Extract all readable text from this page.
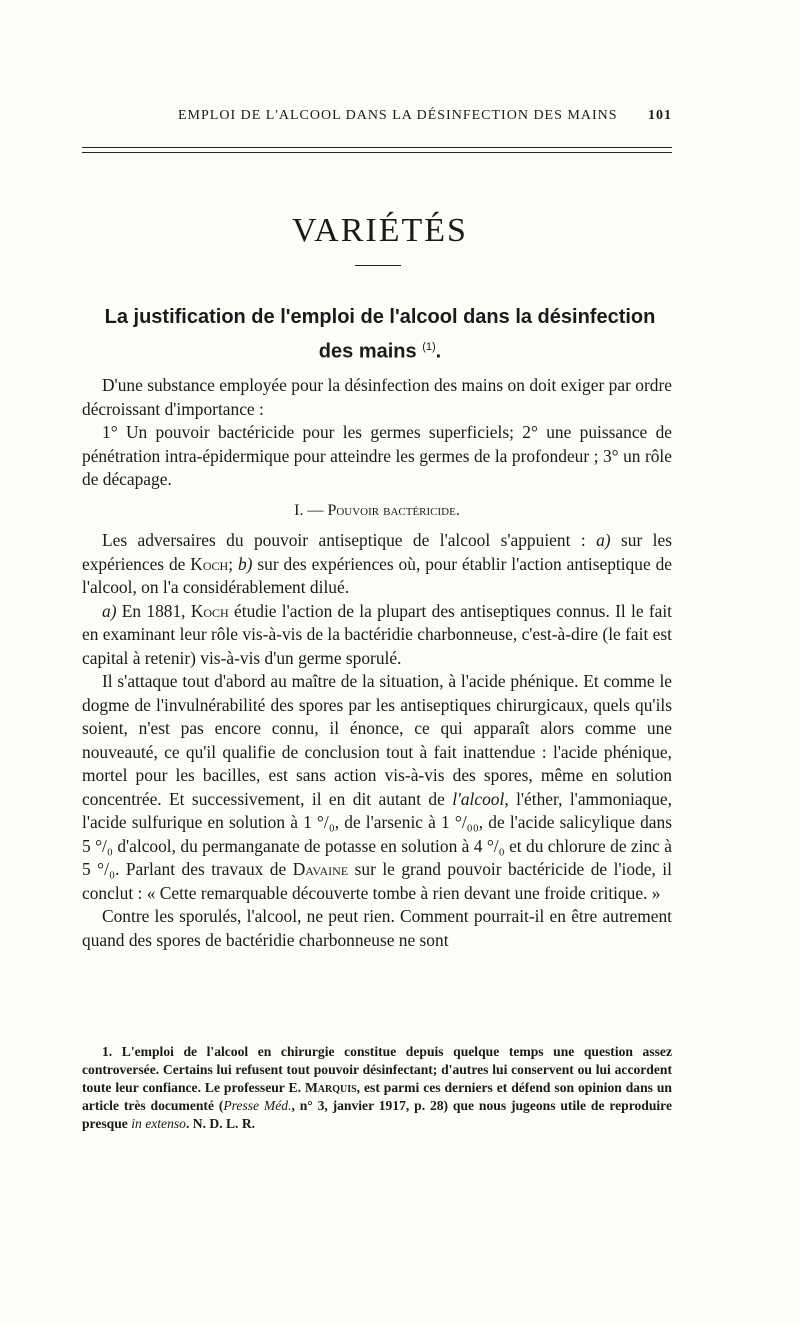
EMPLOI DE L'ALCOOL DANS LA DÉSINFECTION DES MAINS 101
VARIÉTÉS
La justification de l'emploi de l'alcool dans la désinfection des mains $^{(1)}$.

D'une substance employée pour la désinfection des mains on doit exiger par ordre décroissant d'importance :

1° Un pouvoir bactéricide pour les germes superficiels; 2° une puissance de pénétration intra-épidermique pour atteindre les germes de la profondeur ; 3° un rôle de décapage.

I. — Pouvoir bactéricide.

Les adversaires du pouvoir antiseptique de l'alcool s'appuient : a) sur les expériences de Koch; b) sur des expériences où, pour établir l'action antiseptique de l'alcool, on l'a considérablement dilué.

a) En 1881, Koch étudie l'action de la plupart des antiseptiques connus. Il le fait en examinant leur rôle vis-à-vis de la bactéridie charbonneuse, c'est-à-dire (le fait est capital à retenir) vis-à-vis d'un germe sporulé.

Il s'attaque tout d'abord au maître de la situation, à l'acide phénique. Et comme le dogme de l'invulnérabilité des spores par les antiseptiques chirurgicaux, quels qu'ils soient, n'est pas encore connu, il énonce, ce qui apparaît alors comme une nouveauté, ce qu'il qualifie de conclusion tout à fait inattendue : l'acide phénique, mortel pour les bacilles, est sans action vis-à-vis des spores, même en solution concentrée. Et successivement, il en dit autant de l'alcool, l'éther, l'ammoniaque, l'acide sulfurique en solution à 1 °/₀, de l'arsenic à 1 °/₀₀, de l'acide salicylique dans 5 °/₀ d'alcool, du permanganate de potasse en solution à 4 °/₀ et du chlorure de zinc à 5 °/₀. Parlant des travaux de Davaine sur le grand pouvoir bactéricide de l'iode, il conclut : « Cette remarquable découverte tombe à rien devant une froide critique. »

Contre les sporulés, l'alcool, ne peut rien. Comment pourrait-il en être autrement quand des spores de bactéridie charbonneuse ne sont

1. L'emploi de l'alcool en chirurgie constitue depuis quelque temps une question assez controversée. Certains lui refusent tout pouvoir désinfectant; d'autres lui conservent ou lui accordent toute leur confiance. Le professeur E. Marquis, est parmi ces derniers et défend son opinion dans un article très documenté (Presse Méd., n° 3, janvier 1917, p. 28) que nous jugeons utile de reproduire presque in extenso. N. D. L. R.
